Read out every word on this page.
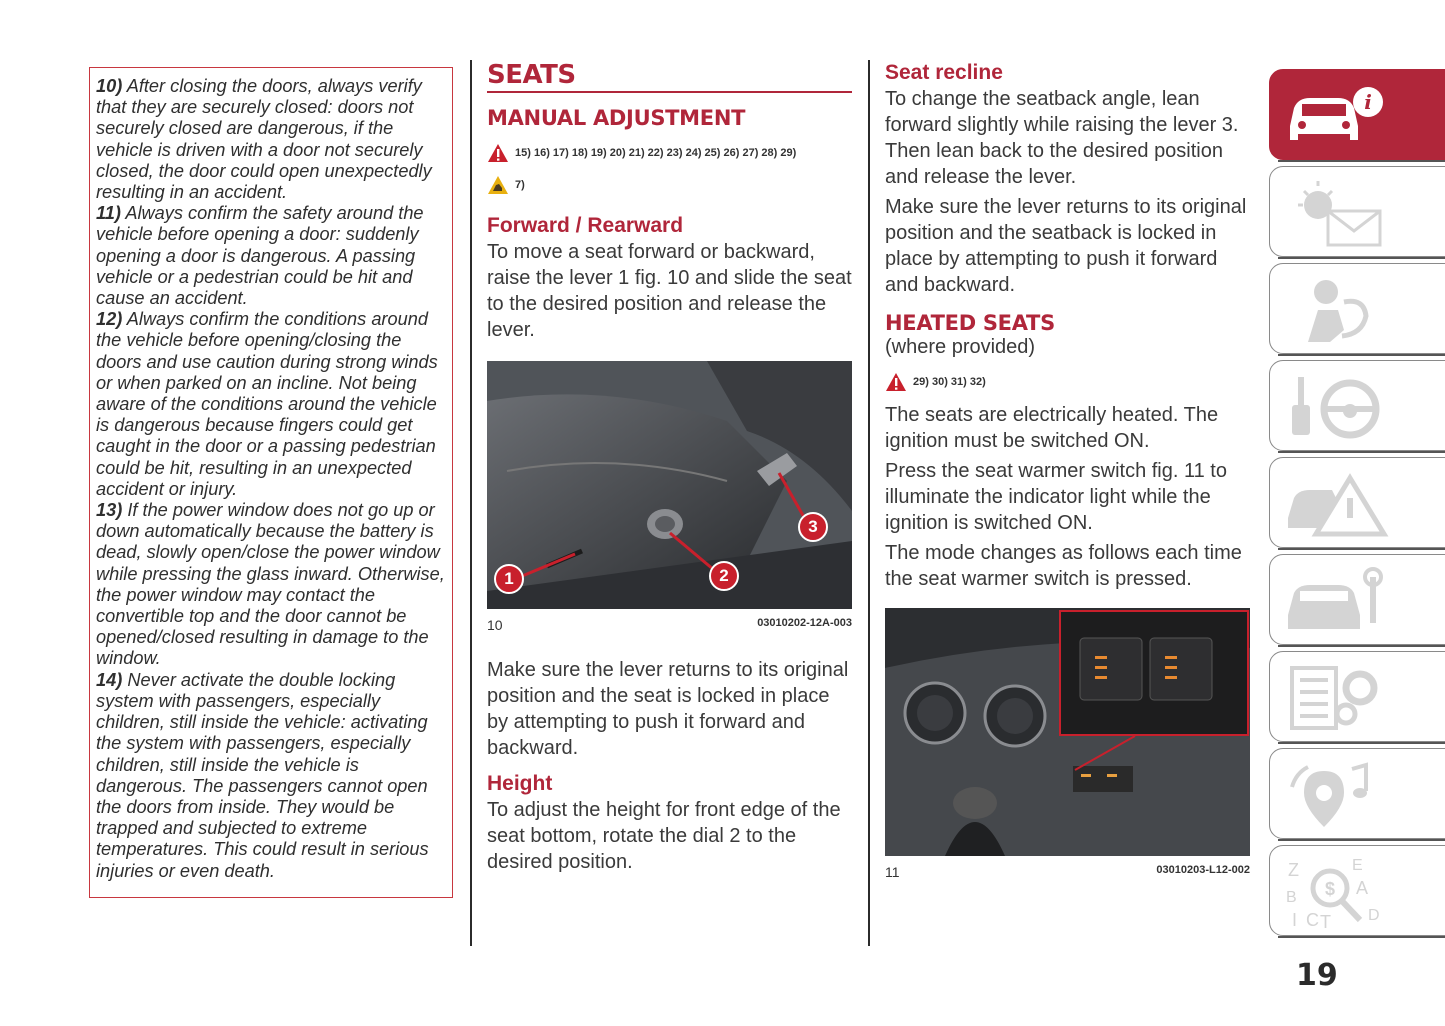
10) After closing the doors, always verify that they are securely closed: doors not securely closed are dangerous, if the vehicle is driven with a door not securely closed, the door could open unexpectedly resulting in an accident.

11) Always confirm the safety around the vehicle before opening a door: suddenly opening a door is dangerous. A passing vehicle or a pedestrian could be hit and cause an accident.

12) Always confirm the conditions around the vehicle before opening/closing the doors and use caution during strong winds or when parked on an incline. Not being aware of the conditions around the vehicle is dangerous because fingers could get caught in the door or a passing pedestrian could be hit, resulting in an unexpected accident or injury.

13) If the power window does not go up or down automatically because the battery is dead, slowly open/close the power window while pressing the glass inward. Otherwise, the power window may contact the convertible top and the door cannot be opened/closed resulting in damage to the window.

14) Never activate the double locking system with passengers, especially children, still inside the vehicle: activating the system with passengers, especially children, still inside the vehicle is dangerous. The passengers cannot open the doors from inside. They would be trapped and subjected to extreme temperatures. This could result in serious injuries or even death.

SEATS
MANUAL ADJUSTMENT
15) 16) 17) 18) 19) 20) 21) 22) 23) 24) 25) 26) 27) 28) 29)
7)
Forward / Rearward

To move a seat forward or backward, raise the lever 1 fig. 10 and slide the seat to the desired position and release the lever.

1	2
3
10	03010202-12A-003

Make sure the lever returns to its original position and the seat is locked in place by attempting to push it forward and backward.

Height

To adjust the height for front edge of the seat bottom, rotate the dial 2 to the desired position.

Seat recline

To change the seatback angle, lean forward slightly while raising the lever 3. Then lean back to the desired position and release the lever.

Make sure the lever returns to its original position and the seatback is locked in place by attempting to push it forward and backward.

HEATED SEATS

(where provided)

29) 30) 31) 32)

The seats are electrically heated. The ignition must be switched ON.

Press the seat warmer switch fig. 11 to illuminate the indicator light while the ignition is switched ON.

The mode changes as follows each time the seat warmer switch is pressed.

11	03010203-L12-002
i
$
Z	E
A
B
D
I C T
19
